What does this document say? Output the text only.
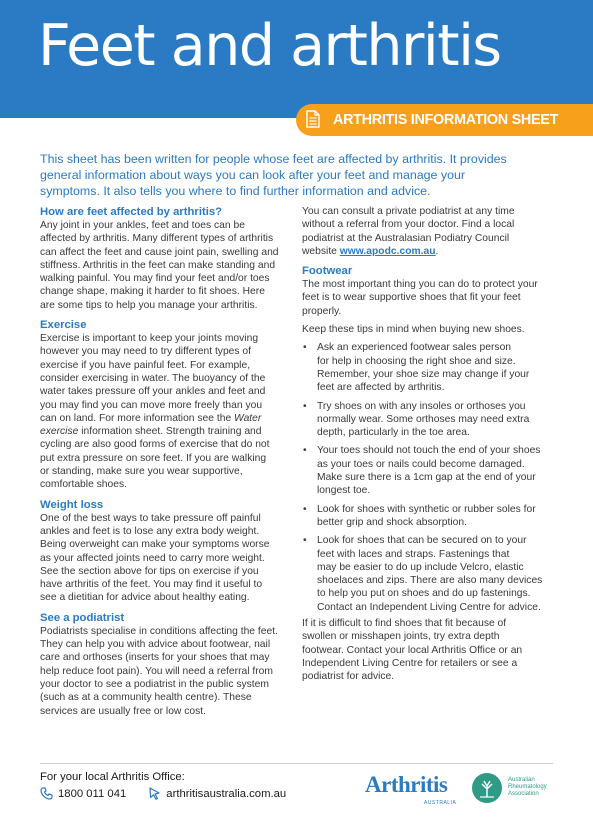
Feet and arthritis
ARTHRITIS INFORMATION SHEET

This sheet has been written for people whose feet are affected by arthritis. It provides

general information about ways you can look after your feet and manage your

symptoms. It also tells you where to find further information and advice.

How are feet affected by arthritis?

Any joint in your ankles, feet and toes can be
affected by arthritis. Many different types of arthritis
can affect the feet and cause joint pain, swelling and
stiffness. Arthritis in the feet can make standing and
walking painful. You may find your feet and/or toes
change shape, making it harder to fit shoes. Here
are some tips to help you manage your arthritis.

Exercise

Exercise is important to keep your joints moving
however you may need to try different types of
exercise if you have painful feet. For example,
consider exercising in water. The buoyancy of the
water takes pressure off your ankles and feet and
you may find you can move more freely than you
can on land. For more information see the Water
exercise information sheet. Strength training and
cycling are also good forms of exercise that do not
put extra pressure on sore feet. If you are walking
or standing, make sure you wear supportive,
comfortable shoes.

Weight loss

One of the best ways to take pressure off painful
ankles and feet is to lose any extra body weight.
Being overweight can make your symptoms worse
as your affected joints need to carry more weight.
See the section above for tips on exercise if you
have arthritis of the feet. You may find it useful to
see a dietitian for advice about healthy eating.

See a podiatrist

Podiatrists specialise in conditions affecting the feet.
They can help you with advice about footwear, nail
care and orthoses (inserts for your shoes that may
help reduce foot pain). You will need a referral from
your doctor to see a podiatrist in the public system
(such as at a community health centre). These
services are usually free or low cost.

You can consult a private podiatrist at any time
without a referral from your doctor. Find a local
podiatrist at the Australasian Podiatry Council
website www.apodc.com.au.

Footwear

The most important thing you can do to protect your
feet is to wear supportive shoes that fit your feet
properly.

Keep these tips in mind when buying new shoes.

• Ask an experienced footwear sales person
for help in choosing the right shoe and size.
Remember, your shoe size may change if your
feet are affected by arthritis.
• Try shoes on with any insoles or orthoses you
normally wear. Some orthoses may need extra
depth, particularly in the toe area.
• Your toes should not touch the end of your shoes
as your toes or nails could become damaged.
Make sure there is a 1cm gap at the end of your
longest toe.
• Look for shoes with synthetic or rubber soles for
better grip and shock absorption.
• Look for shoes that can be secured on to your
feet with laces and straps. Fastenings that
may be easier to do up include Velcro, elastic
shoelaces and zips. There are also many devices
to help you put on shoes and do up fastenings.
Contact an Independent Living Centre for advice.

If it is difficult to find shoes that fit because of
swollen or misshapen joints, try extra depth
footwear. Contact your local Arthritis Office or an
Independent Living Centre for retailers or see a
podiatrist for advice.

For your local Arthritis Office:
1800 011 041	arthritisaustralia.com.au	Arthritis
AUSTRALIA
Australian
Rheumatology
Association
